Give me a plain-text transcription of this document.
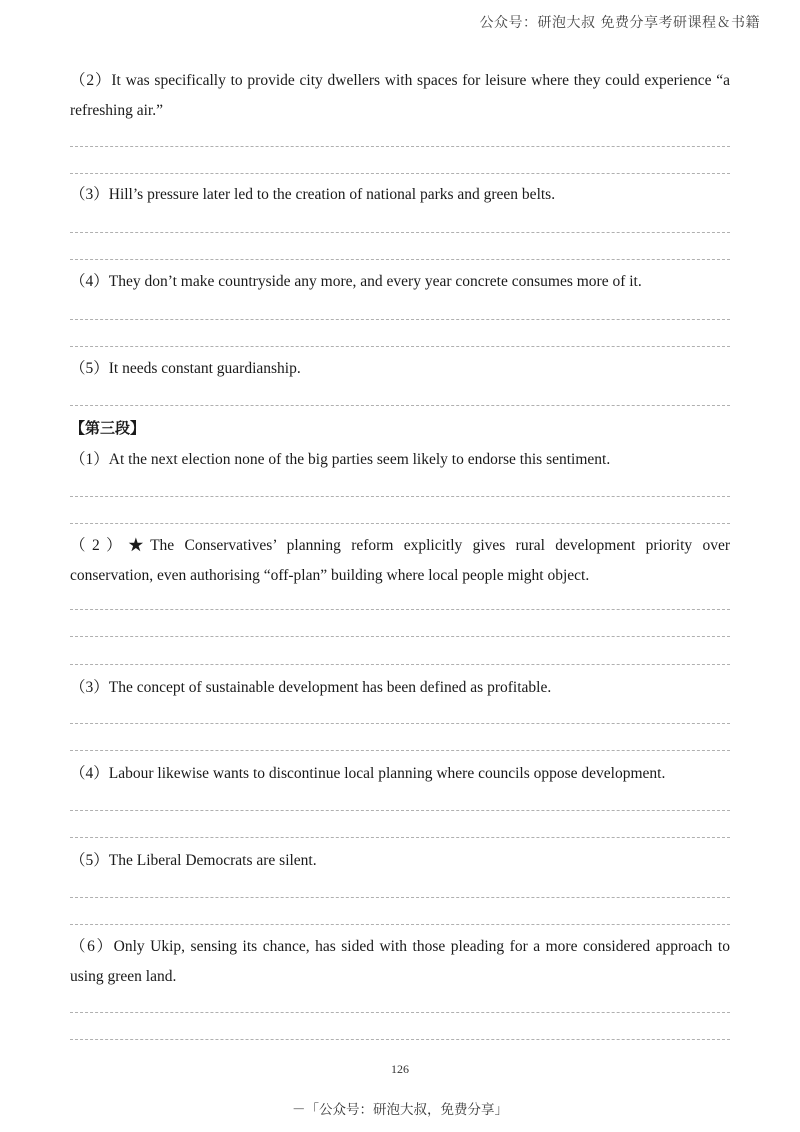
公众号：研泡大叔 免费分享考研课程＆书籍
（2）It was specifically to provide city dwellers with spaces for leisure where they could experience “a refreshing air.”
（3）Hill’s pressure later led to the creation of national parks and green belts.
（4）They don’t make countryside any more, and every year concrete consumes more of it.
（5）It needs constant guardianship.
【第三段】
（1）At the next election none of the big parties seem likely to endorse this sentiment.
（2）★The Conservatives’ planning reform explicitly gives rural development priority over conservation, even authorising “off-plan” building where local people might object.
（3）The concept of sustainable development has been defined as profitable.
（4）Labour likewise wants to discontinue local planning where councils oppose development.
（5）The Liberal Democrats are silent.
（6）Only Ukip, sensing its chance, has sided with those pleading for a more considered approach to using green land.
126
－「公众号：研泡大叔，免费分享」
